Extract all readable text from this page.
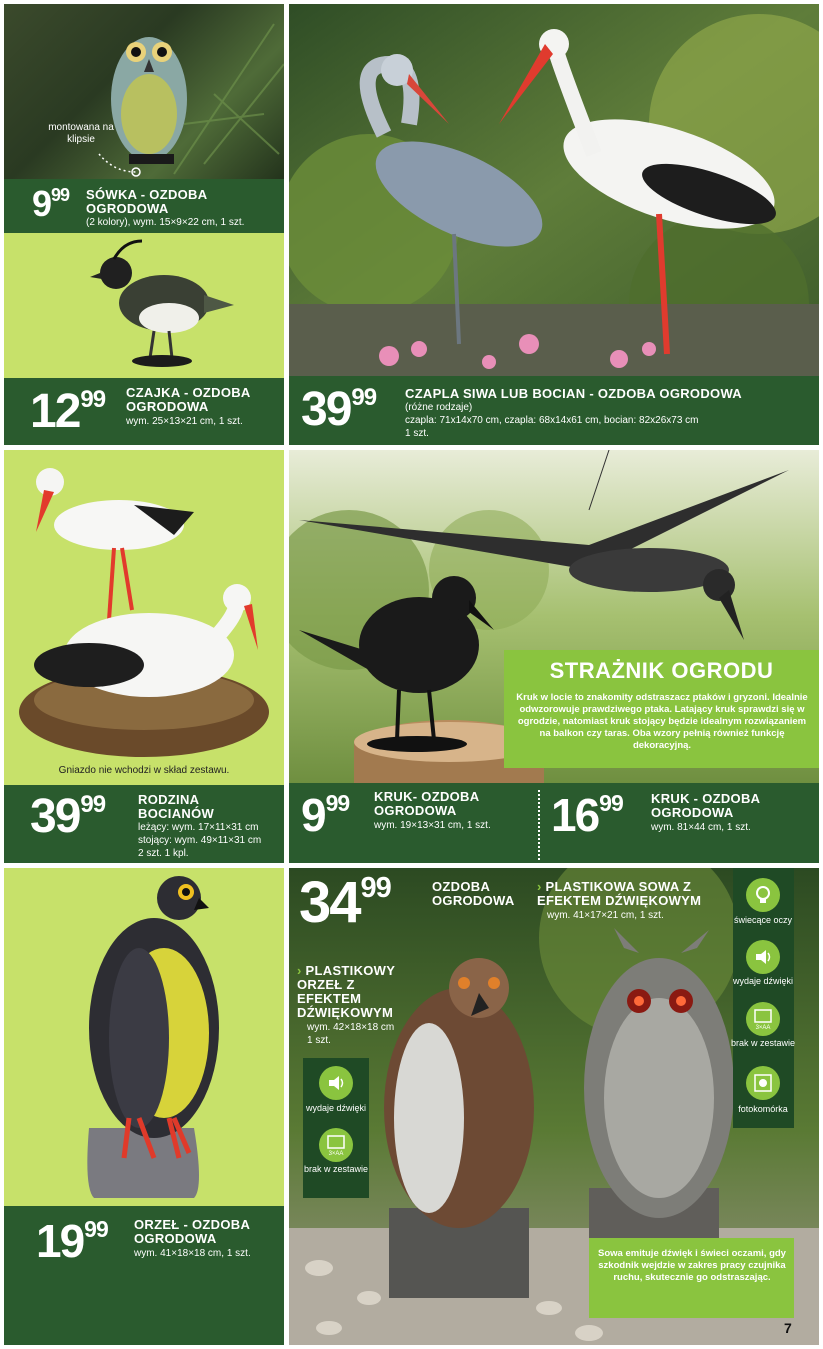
montowana na klipsie
999 SÓWKA - OZDOBA OGRODOWA
(2 kolory), wym. 15×9×22 cm, 1 szt.
1299 CZAJKA - OZDOBA OGRODOWA
wym. 25×13×21 cm, 1 szt.	3999 CZAPLA SIWA LUB BOCIAN - OZDOBA OGRODOWA
(różne rodzaje)
czapla: 71x14x70 cm, czapla: 68x14x61 cm, bocian: 82x26x73 cm
1 szt.
Gniazdo nie wchodzi w skład zestawu.
3999	RODZINA BOCIANÓW
leżący: wym. 17×11×31 cm
stojący: wym. 49×11×31 cm
2 szt. 1 kpl.
STRAŻNIK OGRODU
Kruk w locie to znakomity odstraszacz ptaków i gryzoni. Idealnie odwzorowuje prawdziwego ptaka. Latający kruk sprawdzi się w ogrodzie, natomiast kruk stojący będzie idealnym rozwiązaniem na balkon czy taras. Oba wzory pełnią również funkcję dekoracyjną.
999 KRUK- OZDOBA OGRODOWA
wym. 19×13×31 cm, 1 szt.	1699 KRUK - OZDOBA OGRODOWA
wym. 81×44 cm, 1 szt.
1999 ORZEŁ - OZDOBA OGRODOWA
wym. 41×18×18 cm, 1 szt.
3499	OZDOBA OGRODOWA
› PLASTIKOWA SOWA Z EFEKTEM DŹWIĘKOWYM
wym. 41×17×21 cm, 1 szt.
› PLASTIKOWY ORZEŁ Z EFEKTEM DŹWIĘKOWYM
wym. 42×18×18 cm
1 szt.
świecące oczy
wydaje dźwięki
3×AA
brak w zestawie
fotokomórka
wydaje dźwięki
3×AA
brak w zestawie
Sowa emituje dźwięk i świeci oczami, gdy szkodnik wejdzie w zakres pracy czujnika ruchu, skutecznie go odstraszając.
7
